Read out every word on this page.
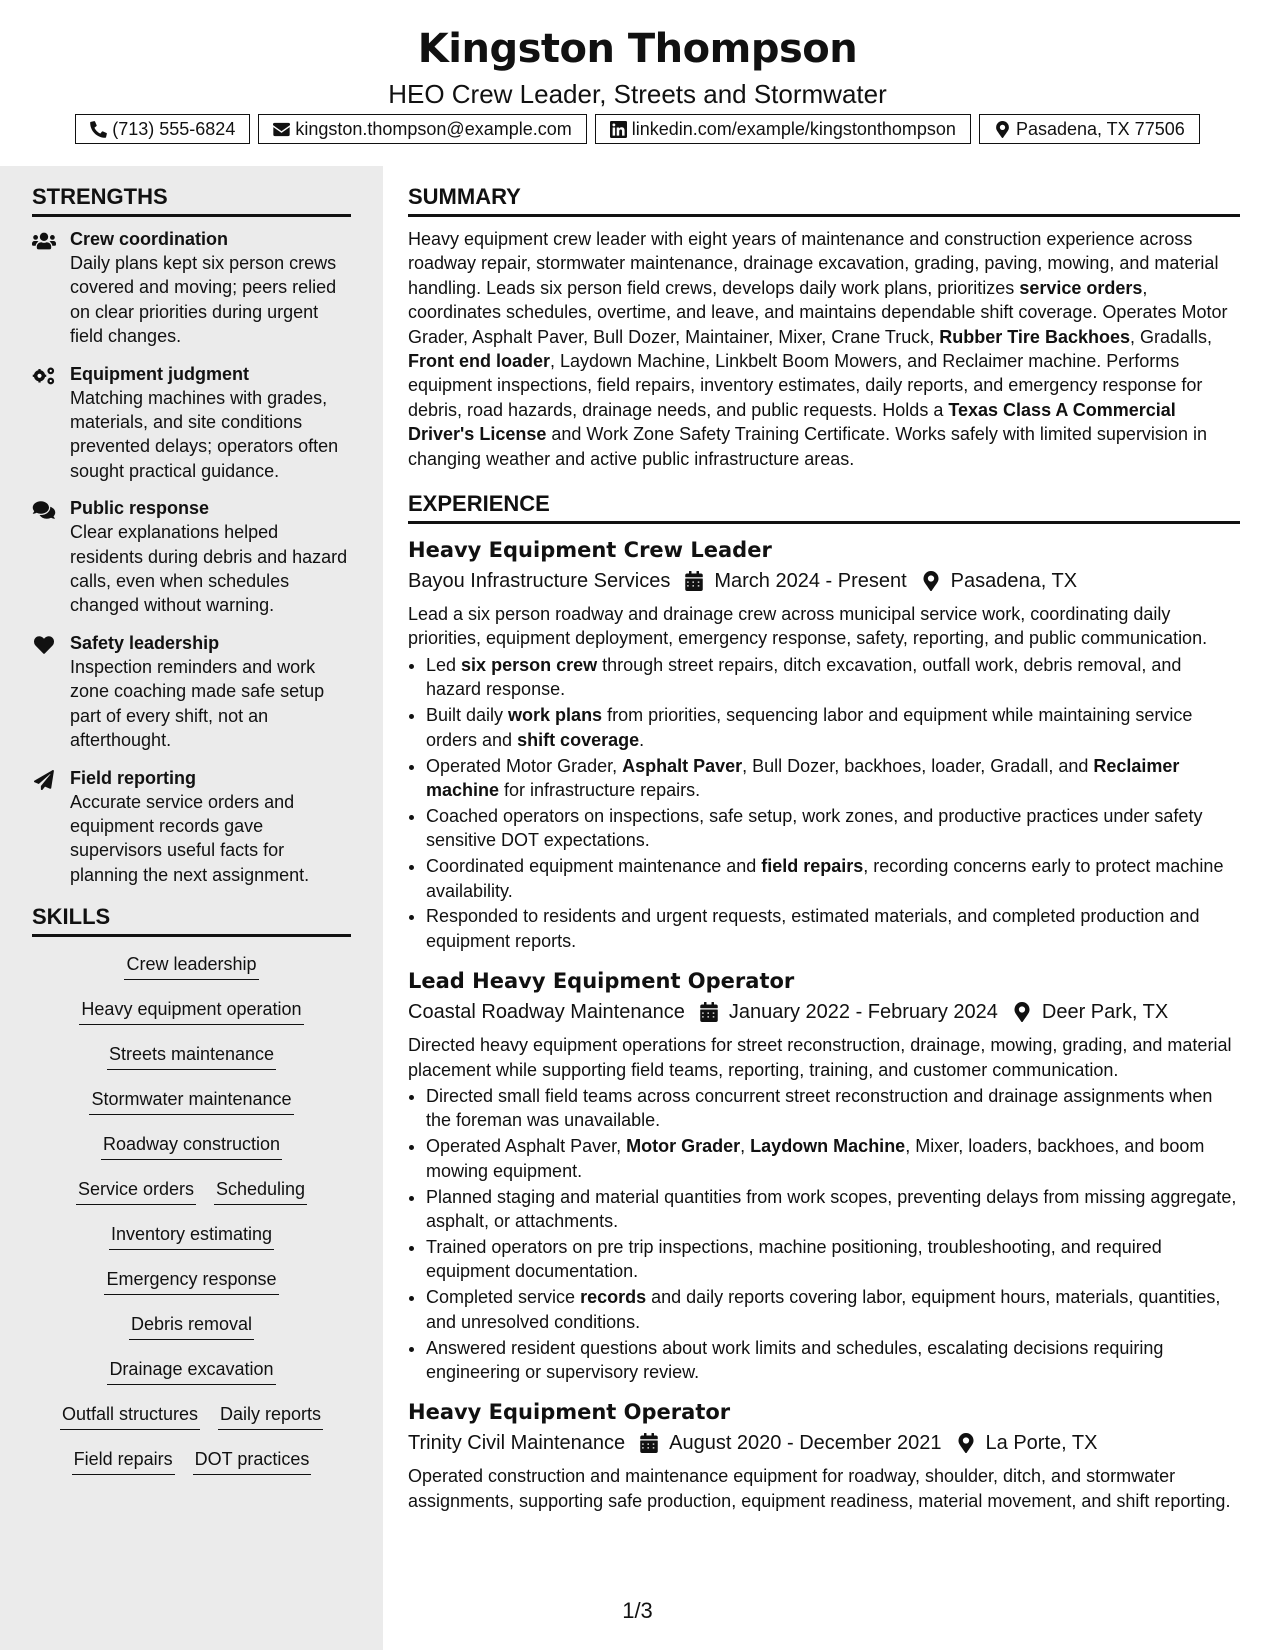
Kingston Thompson

HEO Crew Leader, Streets and Stormwater

(713) 555-6824	kingston.thompson@example.com	linkedin.com/example/kingstonthompson	Pasadena, TX 77506
STRENGTHS
Crew coordination
Daily plans kept six person crews covered and moving; peers relied on clear priorities during urgent field changes.
Equipment judgment
Matching machines with grades, materials, and site conditions prevented delays; operators often sought practical guidance.
Public response
Clear explanations helped residents during debris and hazard calls, even when schedules changed without warning.
Safety leadership
Inspection reminders and work zone coaching made safe setup part of every shift, not an afterthought.
Field reporting
Accurate service orders and equipment records gave supervisors useful facts for planning the next assignment.
SKILLS
Crew leadership
Heavy equipment operation
Streets maintenance
Stormwater maintenance
Roadway construction
Service orders Scheduling
Inventory estimating
Emergency response
Debris removal
Drainage excavation
Outfall structures Daily reports
Field repairs DOT practices
SUMMARY

Heavy equipment crew leader with eight years of maintenance and construction experience across roadway repair, stormwater maintenance, drainage excavation, grading, paving, mowing, and material handling. Leads six person field crews, develops daily work plans, prioritizes service orders, coordinates schedules, overtime, and leave, and maintains dependable shift coverage. Operates Motor Grader, Asphalt Paver, Bull Dozer, Maintainer, Mixer, Crane Truck, Rubber Tire Backhoes, Gradalls, Front end loader, Laydown Machine, Linkbelt Boom Mowers, and Reclaimer machine. Performs equipment inspections, field repairs, inventory estimates, daily reports, and emergency response for debris, road hazards, drainage needs, and public requests. Holds a Texas Class A Commercial Driver's License and Work Zone Safety Training Certificate. Works safely with limited supervision in changing weather and active public infrastructure areas.

EXPERIENCE
Heavy Equipment Crew Leader
Bayou Infrastructure Services March 2024 - Present Pasadena, TX

Lead a six person roadway and drainage crew across municipal service work, coordinating daily priorities, equipment deployment, emergency response, safety, reporting, and public communication.

• Led six person crew through street repairs, ditch excavation, outfall work, debris removal, and hazard response.
• Built daily work plans from priorities, sequencing labor and equipment while maintaining service orders and shift coverage.
• Operated Motor Grader, Asphalt Paver, Bull Dozer, backhoes, loader, Gradall, and Reclaimer machine for infrastructure repairs.
• Coached operators on inspections, safe setup, work zones, and productive practices under safety sensitive DOT expectations.
• Coordinated equipment maintenance and field repairs, recording concerns early to protect machine availability.
• Responded to residents and urgent requests, estimated materials, and completed production and equipment reports.
Lead Heavy Equipment Operator
Coastal Roadway Maintenance January 2022 - February 2024 Deer Park, TX

Directed heavy equipment operations for street reconstruction, drainage, mowing, grading, and material placement while supporting field teams, reporting, training, and customer communication.

• Directed small field teams across concurrent street reconstruction and drainage assignments when the foreman was unavailable.
• Operated Asphalt Paver, Motor Grader, Laydown Machine, Mixer, loaders, backhoes, and boom mowing equipment.
• Planned staging and material quantities from work scopes, preventing delays from missing aggregate, asphalt, or attachments.
• Trained operators on pre trip inspections, machine positioning, troubleshooting, and required equipment documentation.
• Completed service records and daily reports covering labor, equipment hours, materials, quantities, and unresolved conditions.
• Answered resident questions about work limits and schedules, escalating decisions requiring engineering or supervisory review.
Heavy Equipment Operator
Trinity Civil Maintenance August 2020 - December 2021 La Porte, TX

Operated construction and maintenance equipment for roadway, shoulder, ditch, and stormwater assignments, supporting safe production, equipment readiness, material movement, and shift reporting.

1/3
